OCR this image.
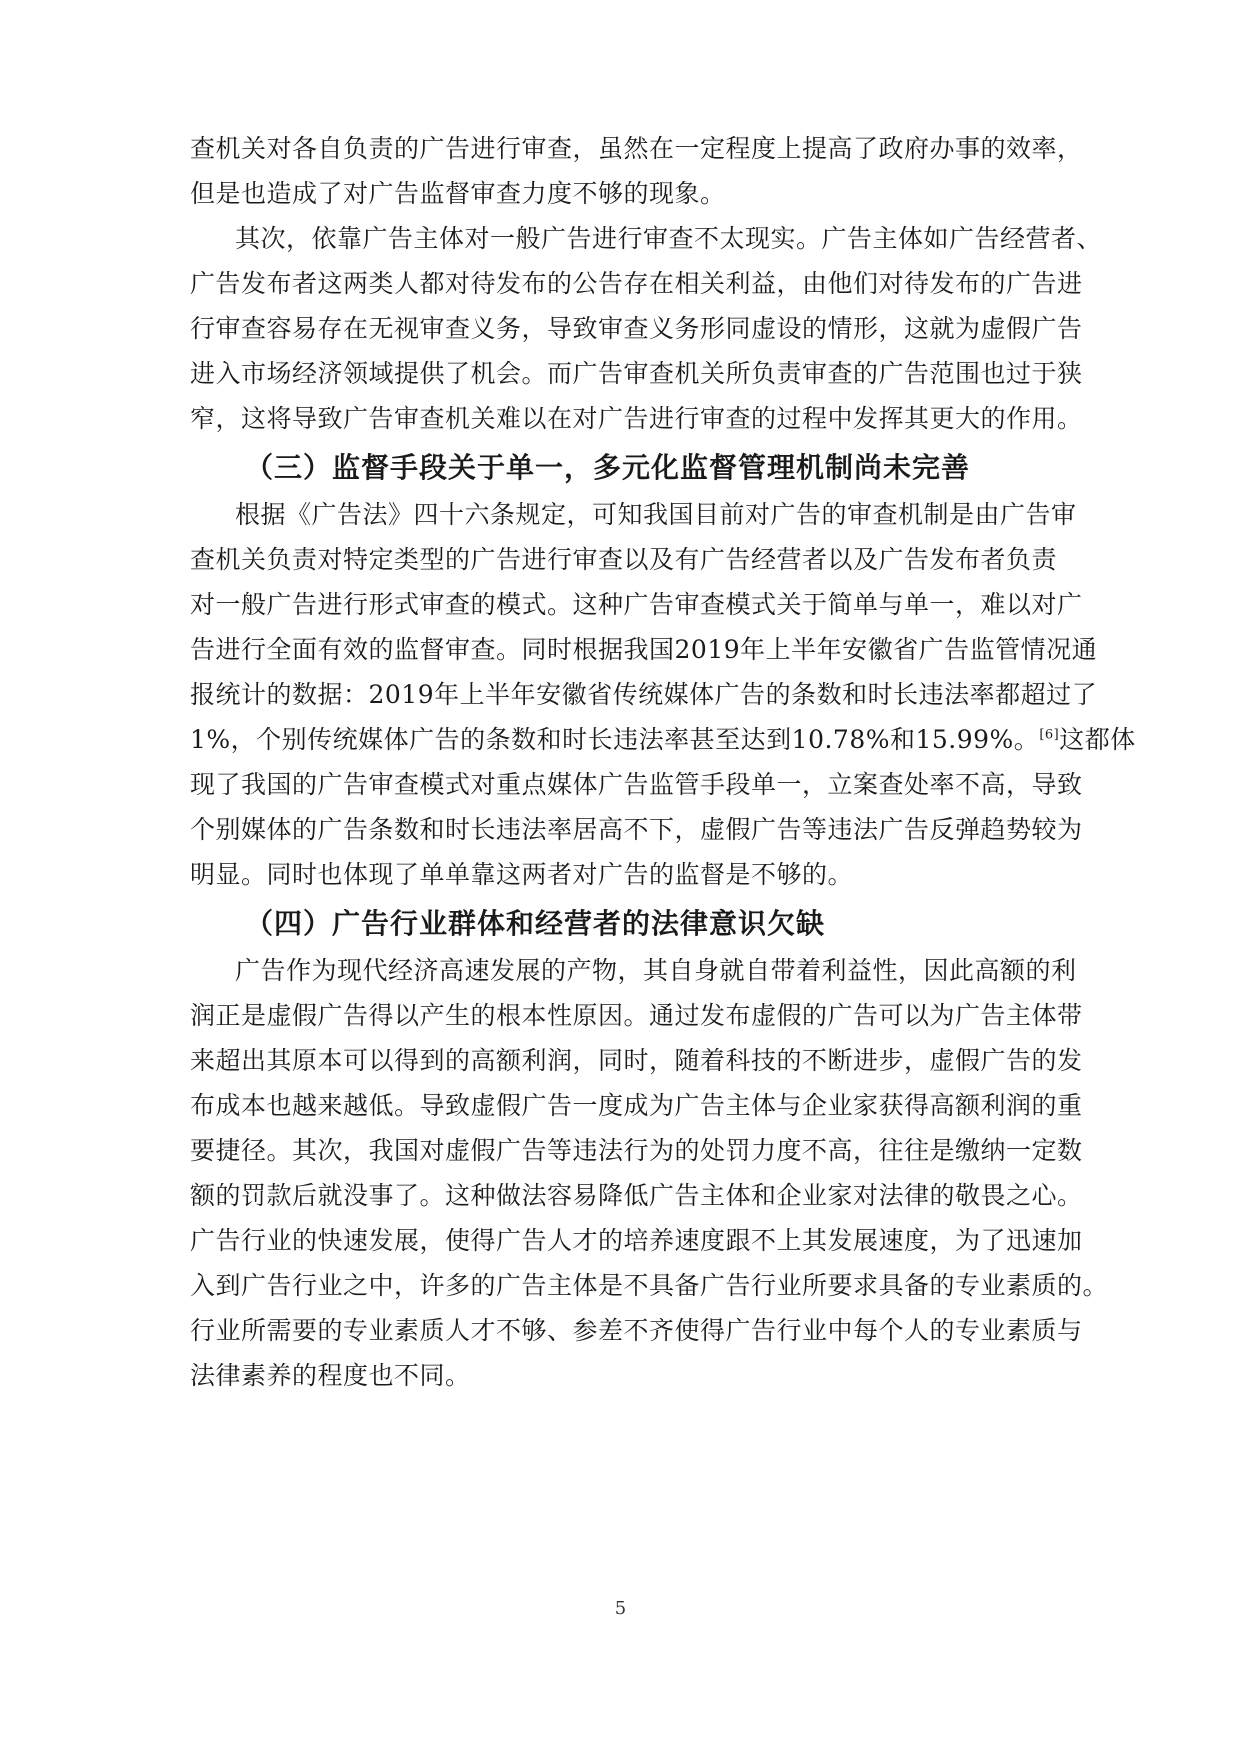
查机关对各自负责的广告进行审查，虽然在一定程度上提高了政府办事的效率，
但是也造成了对广告监督审查力度不够的现象。
其次，依靠广告主体对一般广告进行审查不太现实。广告主体如广告经营者、
广告发布者这两类人都对待发布的公告存在相关利益，由他们对待发布的广告进
行审查容易存在无视审查义务，导致审查义务形同虚设的情形，这就为虚假广告
进入市场经济领域提供了机会。而广告审查机关所负责审查的广告范围也过于狭
窄，这将导致广告审查机关难以在对广告进行审查的过程中发挥其更大的作用。
（三）监督手段关于单一，多元化监督管理机制尚未完善
根据《广告法》四十六条规定，可知我国目前对广告的审查机制是由广告审
查机关负责对特定类型的广告进行审查以及有广告经营者以及广告发布者负责
对一般广告进行形式审查的模式。这种广告审查模式关于简单与单一，难以对广
告进行全面有效的监督审查。同时根据我国2019年上半年安徽省广告监管情况通
报统计的数据：2019年上半年安徽省传统媒体广告的条数和时长违法率都超过了
1%，个别传统媒体广告的条数和时长违法率甚至达到10.78%和15.99%。[6]这都体
现了我国的广告审查模式对重点媒体广告监管手段单一，立案查处率不高，导致
个别媒体的广告条数和时长违法率居高不下，虚假广告等违法广告反弹趋势较为
明显。同时也体现了单单靠这两者对广告的监督是不够的。
（四）广告行业群体和经营者的法律意识欠缺
广告作为现代经济高速发展的产物，其自身就自带着利益性，因此高额的利
润正是虚假广告得以产生的根本性原因。通过发布虚假的广告可以为广告主体带
来超出其原本可以得到的高额利润，同时，随着科技的不断进步，虚假广告的发
布成本也越来越低。导致虚假广告一度成为广告主体与企业家获得高额利润的重
要捷径。其次，我国对虚假广告等违法行为的处罚力度不高，往往是缴纳一定数
额的罚款后就没事了。这种做法容易降低广告主体和企业家对法律的敬畏之心。
广告行业的快速发展，使得广告人才的培养速度跟不上其发展速度，为了迅速加
入到广告行业之中，许多的广告主体是不具备广告行业所要求具备的专业素质的。
行业所需要的专业素质人才不够、参差不齐使得广告行业中每个人的专业素质与
法律素养的程度也不同。
5
